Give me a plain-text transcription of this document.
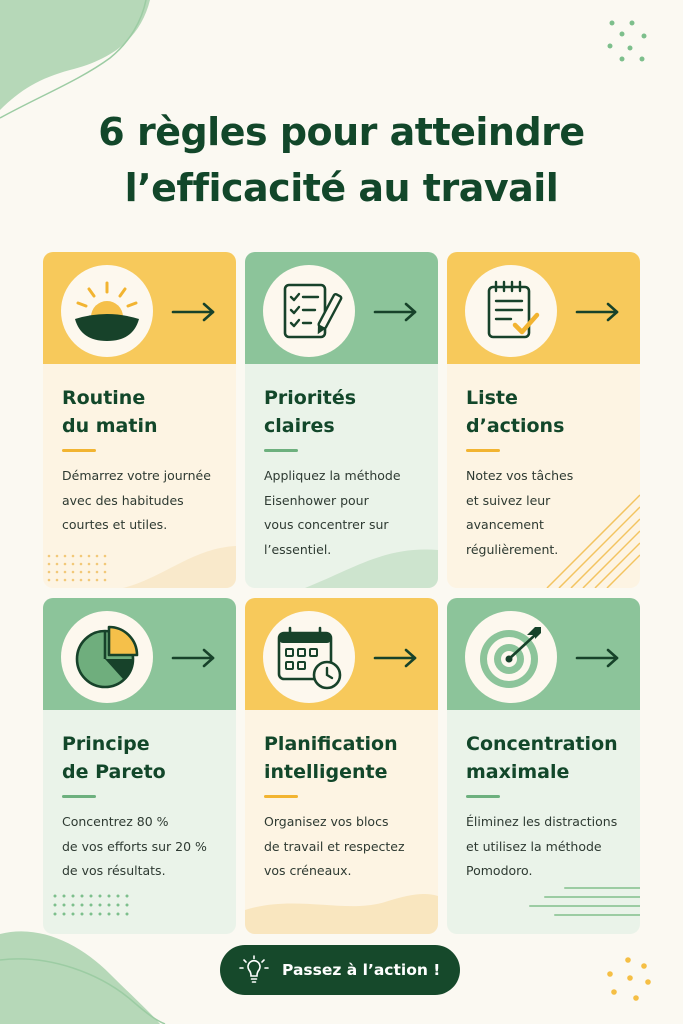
6 règles pour atteindre
l’efficacité au travail
Routine
du matin

Démarrez votre journée
avec des habitudes
courtes et utiles.

Priorités
claires

Appliquez la méthode
Eisenhower pour
vous concentrer sur
l’essentiel.

Liste
d’actions

Notez vos tâches
et suivez leur
avancement
régulièrement.

Principe
de Pareto

Concentrez 80 %
de vos efforts sur 20 %
de vos résultats.

Planification
intelligente

Organisez vos blocs
de travail et respectez
vos créneaux.

Concentration
maximale

Éliminez les distractions
et utilisez la méthode
Pomodoro.

Passez à l’action !
